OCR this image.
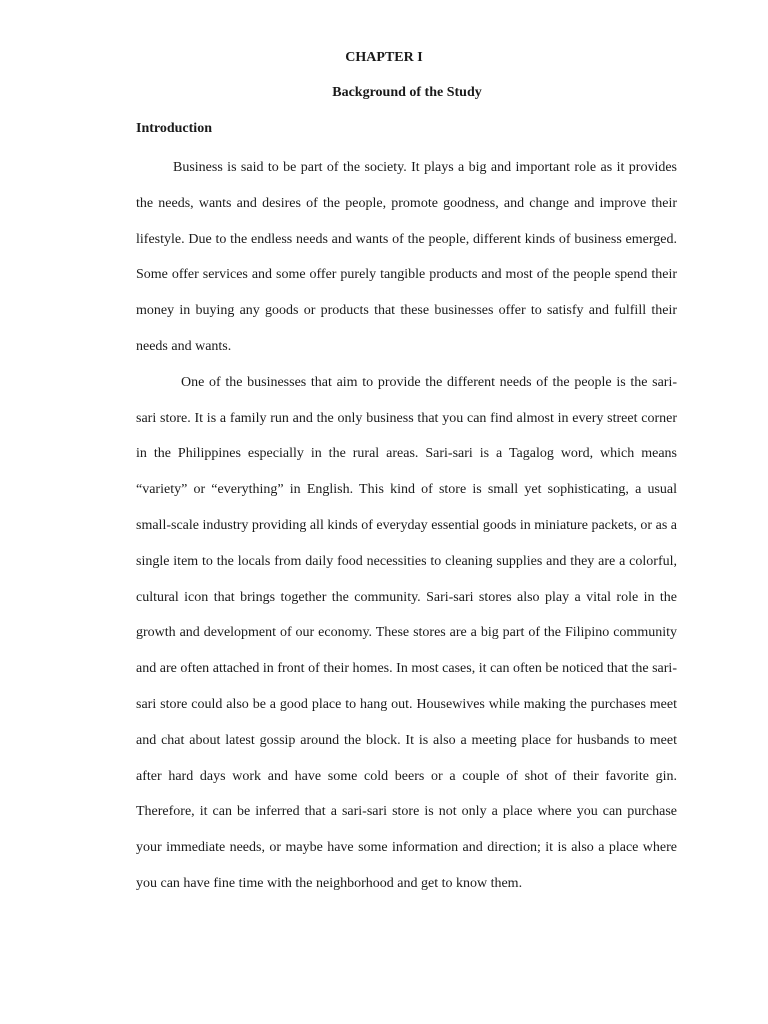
CHAPTER I
Background of the Study
Introduction

Business is said to be part of the society. It plays a big and important role as it provides the needs, wants and desires of the people, promote goodness, and change and improve their lifestyle. Due to the endless needs and wants of the people, different kinds of business emerged. Some offer services and some offer purely tangible products and most of the people spend their money in buying any goods or products that these businesses offer to satisfy and fulfill their needs and wants.

One of the businesses that aim to provide the different needs of the people is the sari-sari store. It is a family run and the only business that you can find almost in every street corner in the Philippines especially in the rural areas. Sari-sari is a Tagalog word, which means “variety” or “everything” in English. This kind of store is small yet sophisticating, a usual small-scale industry providing all kinds of everyday essential goods in miniature packets, or as a single item to the locals from daily food necessities to cleaning supplies and they are a colorful, cultural icon that brings together the community. Sari-sari stores also play a vital role in the growth and development of our economy. These stores are a big part of the Filipino community and are often attached in front of their homes. In most cases, it can often be noticed that the sari-sari store could also be a good place to hang out. Housewives while making the purchases meet and chat about latest gossip around the block. It is also a meeting place for husbands to meet after hard days work and have some cold beers or a couple of shot of their favorite gin. Therefore, it can be inferred that a sari-sari store is not only a place where you can purchase your immediate needs, or maybe have some information and direction; it is also a place where you can have fine time with the neighborhood and get to know them.
